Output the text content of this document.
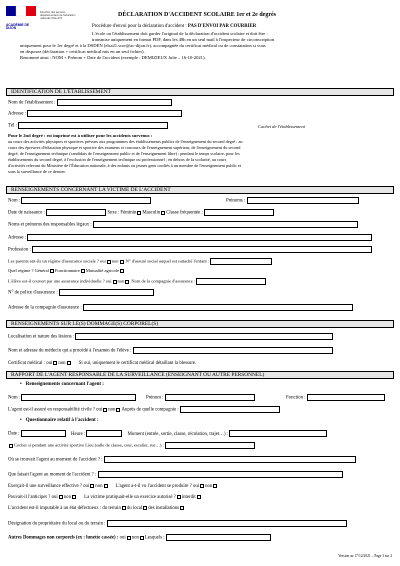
ACADÉMIE DE DIJON
Direction des services départementaux de l'éducation nationale Côte-d'Or
DÉCLARATION D'ACCIDENT SCOLAIRE 1er et 2e degrés
Procédure d'envoi pour la déclaration d'accident : PAS D'ENVOI PAR COURRIER
L'école ou l'établissement doit garder l'original de la déclaration d'accident scolaire et doit être :
transmise uniquement en format PDF, dans les 48h en un seul mail à l'inspecteur de circonscription
uniquement pour le 1er degré et à la DSDEN (elsa21.scor@ac-dijon.fr), accompagnée du certificat médical ou de constatation si vous
en disposez (déclaration + certificat médical mis en un seul fichier).
Renommé ainsi : NOM + Prénom + Date de l'accident (exemple : DEMIZIEUX Julie – 16-10-2021).
IDENTIFICATION DE L'ÉTABLISSEMENT
Nom de l'établissement :
Adresse :
Tél :	Cachet de l'établissement
Pour le 2nd degré : est imprimé est à utiliser pour les accidents survenus :
au cours des activités physiques et sportives prévues aux programmes des établissements publics de l'enseignement du second degré ; au
cours des épreuves d'éducation physique et sportive des examens et concours de l'enseignement supérieur, de l'enseignement du second
degré, de l'enseignement technique (candidats de l'enseignement public et de l'enseignement libre) ; pendant le temps scolaire, pour les
établissements du second degré, à l'exclusion de l'enseignement technique ou professionnel ; en dehors de la scolarité, au cours
d'activités relevant du Ministère de l'Éducation nationale, à des enfants ou jeunes gens confiés à un membre de l'enseignement public et
sous la surveillance de ce dernier.
RENSEIGNEMENTS CONCERNANT LA VICTIME DE L'ACCIDENT
Nom :	Prénoms :
Date de naissance :	Sexe : Féminin Masculin Classe fréquentée :
Noms et prénoms des responsables légaux :
Adresse :
Profession :
Les parents ont-ils un régime d'assurance sociale ? oui non N° d'assuré social auquel est rattaché l'enfant :
Quel régime ? Général Fonctionnaire Mutualité agricole
L'élève est-il couvert par une assurance individuelle ? oui non Nom de la compagnie d'assurance :
N° de police d'assurance :
Adresse de la compagnie d'assurance :
RENSEIGNEMENTS SUR LE(S) DOMMAGE(S) CORPOREL(S)
Localisation et nature des lésions :
Nom et adresse du médecin qui a procédé à l'examen de l'élève :
Certificat médical : oui non	Si oui, uniquement le certificat médical détaillant la blessure.
RAPPORT DE L'AGENT RESPONSABLE DE LA SURVEILLANCE (ENSEIGNANT OU AUTRE PERSONNEL)
• Renseignements concernant l'agent :
Nom :	Prénom :	Fonction :
L'agent est-il assuré en responsabilité civile ? oui non Auprès de quelle compagnie :
• Questionnaire relatif à l'accident :
Date :	Heure :	Moment (entrée, sortie, classe, récréation, trajet…) :
Cocher si pendant une activité sportive Lieu (salle de classe, cour, escalier, rue…) :
Où se trouvait l'agent au moment de l'accident ? :
Que faisait l'agent au moment de l'accident ? :
Exerçait-il une surveillance effective ? oui non	L'agent a-t-il vu l'accident se produire ? oui non
Pouvait-il l'anticiper ? oui non	La victime pratiquait-elle un exercice autorisé ? interdit
L'accident est-il imputable à un état défectueux : du terrain du local des installations
Désignation du propriétaire du local ou du terrain :
Autres Dommages non corporels (ex : lunette cassée) : oui non Lesquels :
Version au 17/12/2021 – Page 1 sur 2
